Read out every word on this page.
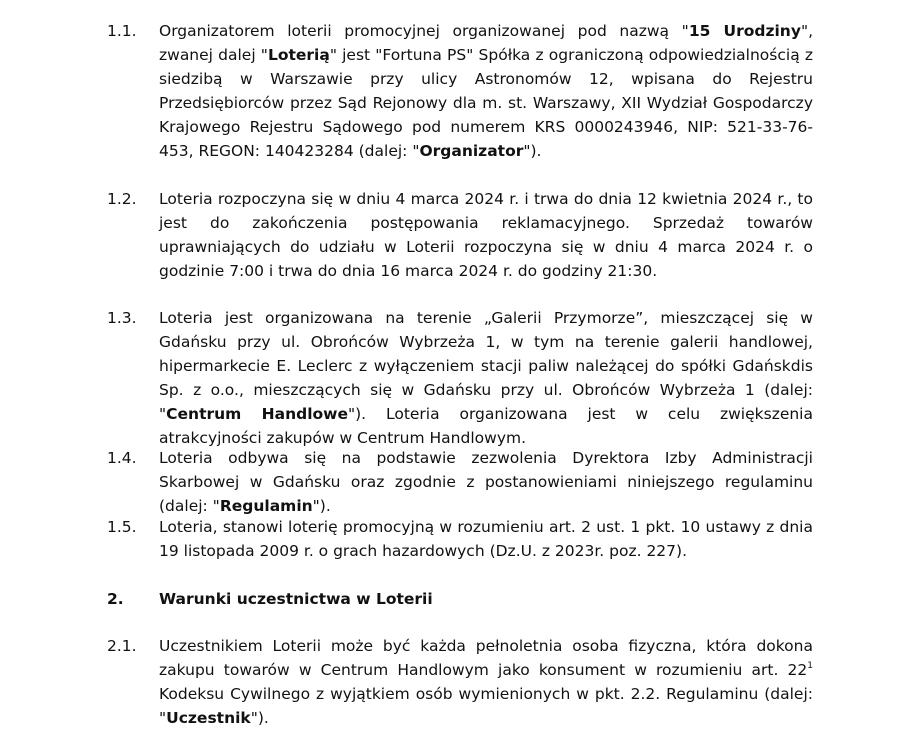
1.1.	Organizatorem loterii promocyjnej organizowanej pod nazwą "15 Urodziny", zwanej dalej "Loterią" jest "Fortuna PS" Spółka z ograniczoną odpowiedzialnością z siedzibą w Warszawie przy ulicy Astronomów 12, wpisana do Rejestru Przedsiębiorców przez Sąd Rejonowy dla m. st. Warszawy, XII Wydział Gospodarczy Krajowego Rejestru Sądowego pod numerem KRS 0000243946, NIP: 521-33-76-453, REGON: 140423284 (dalej: "Organizator").
1.2.	Loteria rozpoczyna się w dniu 4 marca 2024 r. i trwa do dnia 12 kwietnia 2024 r., to jest do zakończenia postępowania reklamacyjnego. Sprzedaż towarów uprawniających do udziału w Loterii rozpoczyna się w dniu 4 marca 2024 r. o godzinie 7:00 i trwa do dnia 16 marca 2024 r. do godziny 21:30.
1.3.	Loteria jest organizowana na terenie „Galerii Przymorze”, mieszczącej się w Gdańsku przy ul. Obrońców Wybrzeża 1, w tym na terenie galerii handlowej, hipermarkecie E. Leclerc z wyłączeniem stacji paliw należącej do spółki Gdańskdis Sp. z o.o., mieszczących się w Gdańsku przy ul. Obrońców Wybrzeża 1 (dalej: "Centrum Handlowe"). Loteria organizowana jest w celu zwiększenia atrakcyjności zakupów w Centrum Handlowym.
1.4.	Loteria odbywa się na podstawie zezwolenia Dyrektora Izby Administracji Skarbowej w Gdańsku oraz zgodnie z postanowieniami niniejszego regulaminu (dalej: "Regulamin").
1.5.	Loteria, stanowi loterię promocyjną w rozumieniu art. 2 ust. 1 pkt. 10 ustawy z dnia 19 listopada 2009 r. o grach hazardowych (Dz.U. z 2023r. poz. 227).
2.	Warunki uczestnictwa w Loterii
2.1.	Uczestnikiem Loterii może być każda pełnoletnia osoba fizyczna, która dokona zakupu towarów w Centrum Handlowym jako konsument w rozumieniu art. $22^1$ Kodeksu Cywilnego z wyjątkiem osób wymienionych w pkt. 2.2. Regulaminu (dalej: "Uczestnik").
